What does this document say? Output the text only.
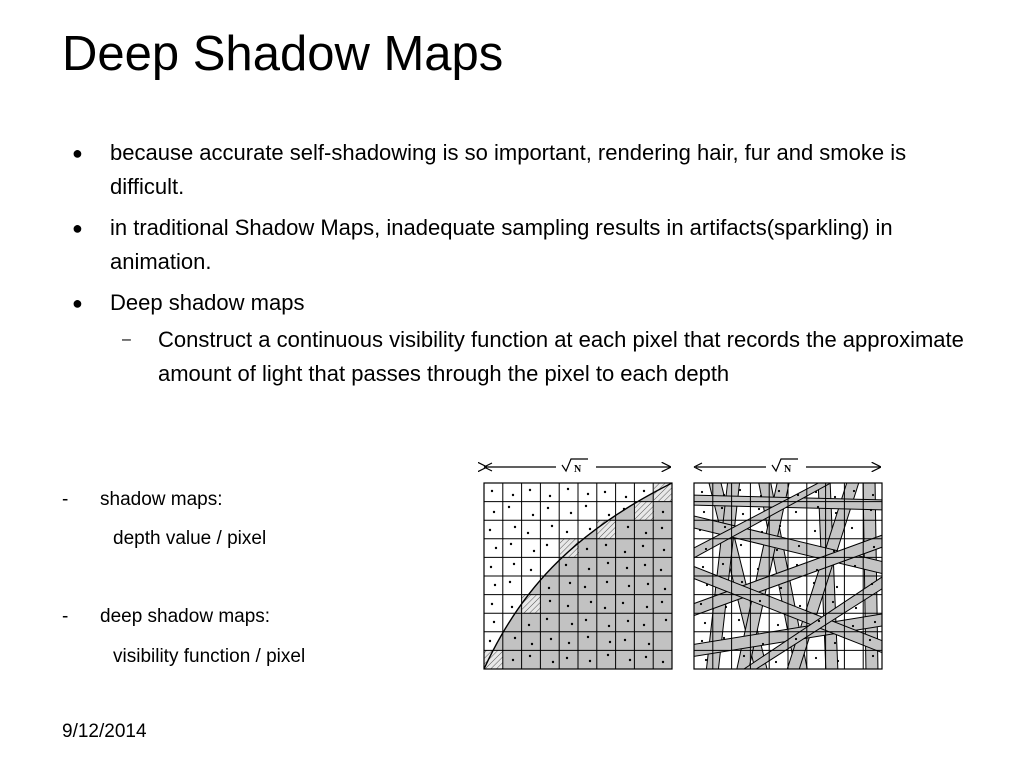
Deep Shadow Maps
● because accurate self-shadowing is so important, rendering hair, fur and smoke is difficult.
● in traditional Shadow Maps, inadequate sampling results in artifacts(sparkling) in animation.
● Deep shadow maps
– Construct a continuous visibility function at each pixel that records the approximate amount of light that passes through the pixel to each depth
- shadow maps:
depth value / pixel
- deep shadow maps:
visibility function / pixel
9/12/2014
N	N
